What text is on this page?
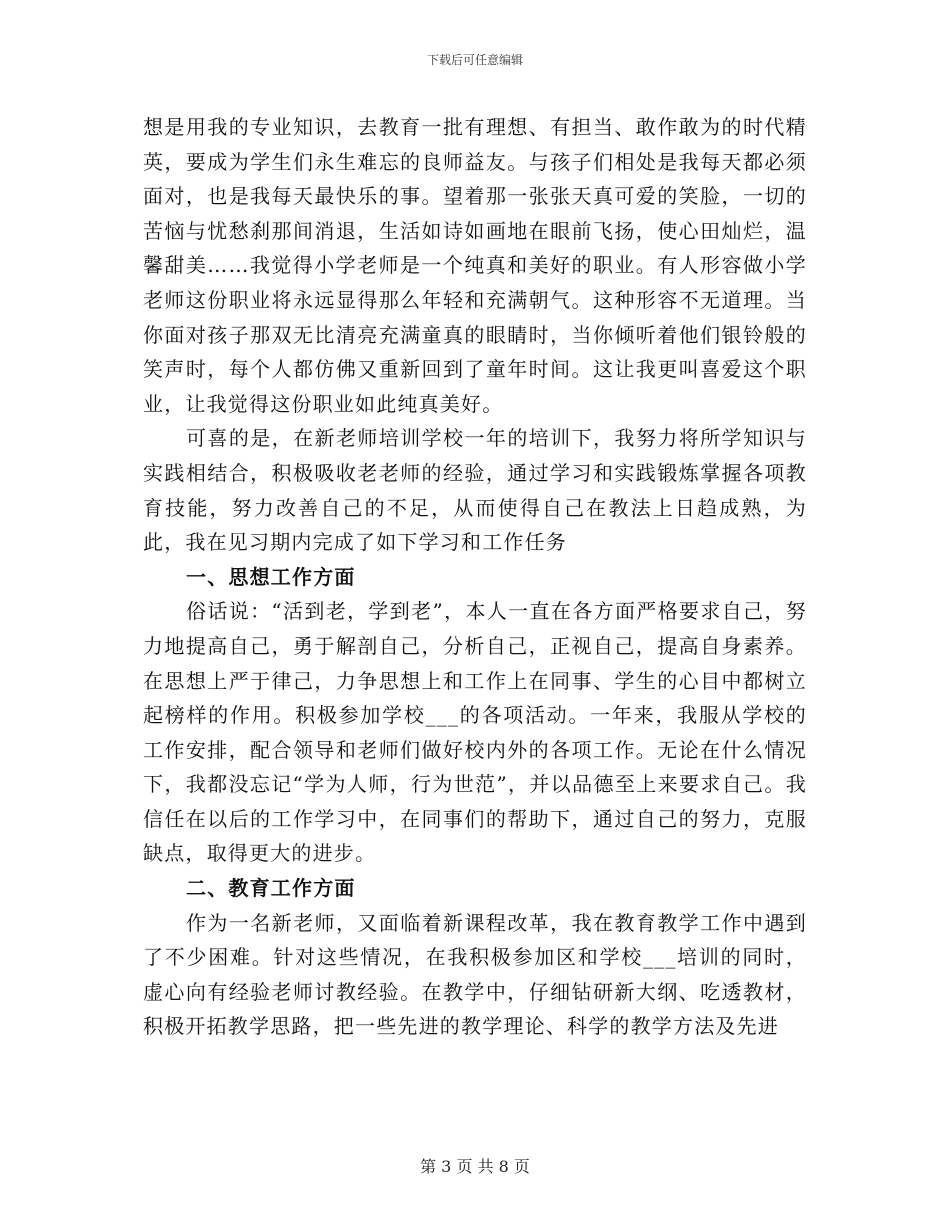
下载后可任意编辑

想是用我的专业知识，去教育一批有理想、有担当、敢作敢为的时代精英，要成为学生们永生难忘的良师益友。与孩子们相处是我每天都必须面对，也是我每天最快乐的事。望着那一张张天真可爱的笑脸，一切的苦恼与忧愁刹那间消退，生活如诗如画地在眼前飞扬，使心田灿烂，温馨甜美……我觉得小学老师是一个纯真和美好的职业。有人形容做小学老师这份职业将永远显得那么年轻和充满朝气。这种形容不无道理。当你面对孩子那双无比清亮充满童真的眼睛时，当你倾听着他们银铃般的笑声时，每个人都仿佛又重新回到了童年时间。这让我更叫喜爱这个职业，让我觉得这份职业如此纯真美好。

可喜的是，在新老师培训学校一年的培训下，我努力将所学知识与实践相结合，积极吸收老老师的经验，通过学习和实践锻炼掌握各项教育技能，努力改善自己的不足，从而使得自己在教法上日趋成熟，为此，我在见习期内完成了如下学习和工作任务

一、思想工作方面

俗话说：“活到老，学到老”，本人一直在各方面严格要求自己，努力地提高自己，勇于解剖自己，分析自己，正视自己，提高自身素养。在思想上严于律己，力争思想上和工作上在同事、学生的心目中都树立起榜样的作用。积极参加学校___的各项活动。一年来，我服从学校的工作安排，配合领导和老师们做好校内外的各项工作。无论在什么情况下，我都没忘记“学为人师，行为世范”，并以品德至上来要求自己。我信任在以后的工作学习中，在同事们的帮助下，通过自己的努力，克服缺点，取得更大的进步。

二、教育工作方面

作为一名新老师，又面临着新课程改革，我在教育教学工作中遇到了不少困难。针对这些情况，在我积极参加区和学校___培训的同时，虚心向有经验老师讨教经验。在教学中，仔细钻研新大纲、吃透教材，积极开拓教学思路，把一些先进的教学理论、科学的教学方法及先进

第 3 页 共 8 页
